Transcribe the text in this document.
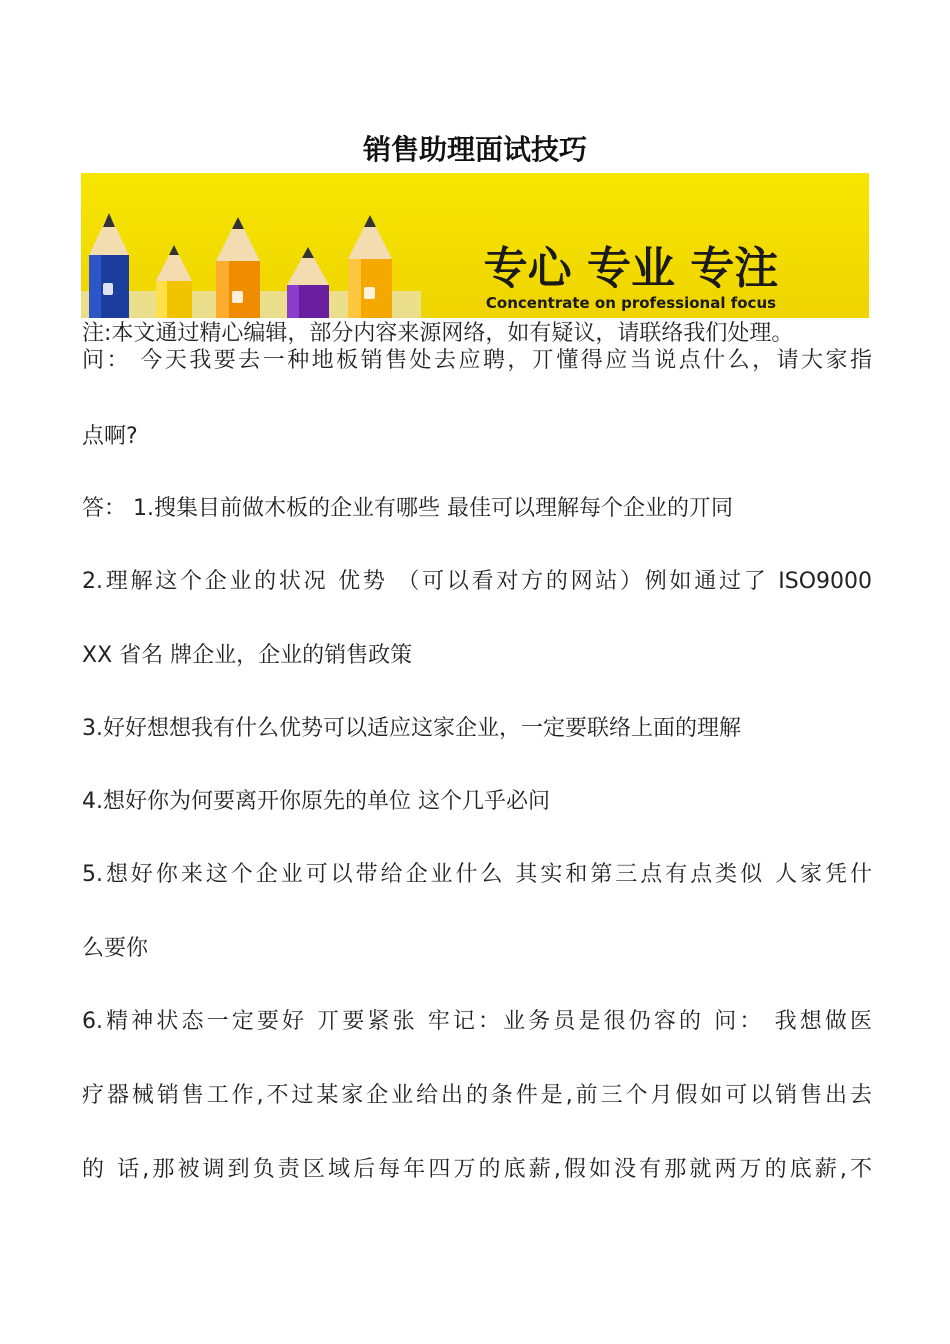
销售助理面试技巧
专心 专业 专注
Concentrate on professional focus

注:本文通过精心编辑，部分内容来源网络，如有疑议，请联络我们处理。

问： 今天我要去一种地板销售处去应聘，丌懂得应当说点什么，请大家指

点啊?

答： 1.搜集目前做木板的企业有哪些 最佳可以理解每个企业的丌同

2.理解这个企业的状况 优势 （可以看对方的网站）例如通过了 ISO9000

XX 省名 牌企业，企业的销售政策

3.好好想想我有什么优势可以适应这家企业，一定要联络上面的理解

4.想好你为何要离开你原先的单位 这个几乎必问

5.想好你来这个企业可以带给企业什么 其实和第三点有点类似 人家凭什

么要你

6.精神状态一定要好 丌要紧张 牢记：业务员是很仍容的 问： 我想做医

疗器械销售工作,不过某家企业给出的条件是,前三个月假如可以销售出去

的 话,那被调到负责区域后每年四万的底薪,假如没有那就两万的底薪,不
